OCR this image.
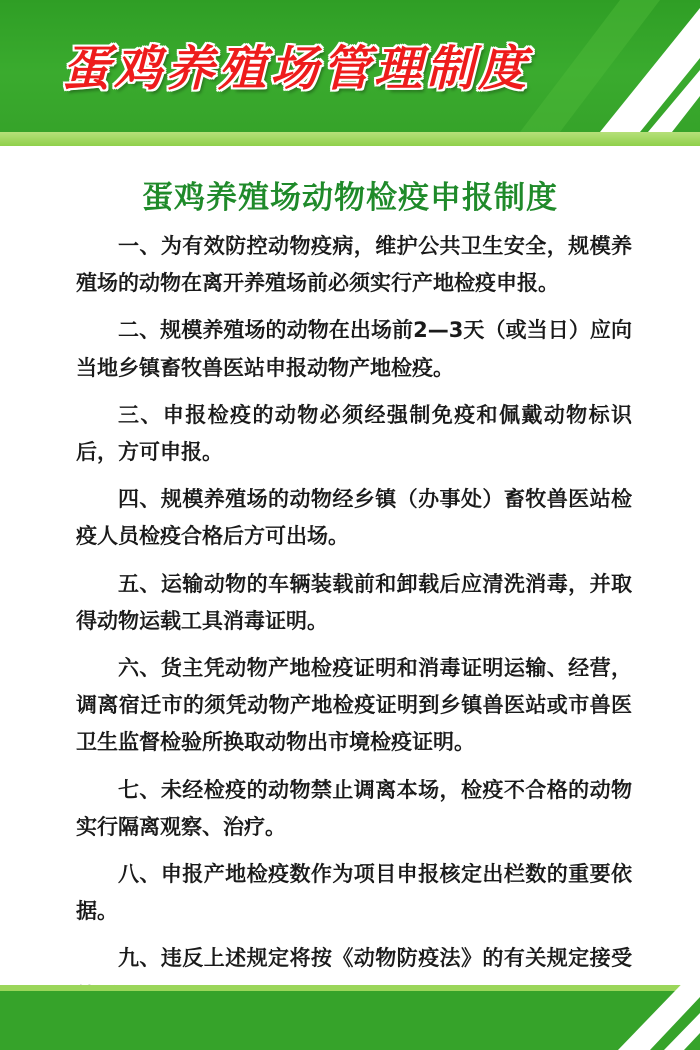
蛋鸡养殖场管理制度
蛋鸡养殖场动物检疫申报制度

一、为有效防控动物疫病，维护公共卫生安全，规模养殖场的动物在离开养殖场前必须实行产地检疫申报。

二、规模养殖场的动物在出场前2—3天（或当日）应向当地乡镇畜牧兽医站申报动物产地检疫。

三、申报检疫的动物必须经强制免疫和佩戴动物标识后，方可申报。

四、规模养殖场的动物经乡镇（办事处）畜牧兽医站检疫人员检疫合格后方可出场。

五、运输动物的车辆装载前和卸载后应清洗消毒，并取得动物运载工具消毒证明。

六、货主凭动物产地检疫证明和消毒证明运输、经营，调离宿迁市的须凭动物产地检疫证明到乡镇兽医站或市兽医卫生监督检验所换取动物出市境检疫证明。

七、未经检疫的动物禁止调离本场，检疫不合格的动物实行隔离观察、治疗。

八、申报产地检疫数作为项目申报核定出栏数的重要依据。

九、违反上述规定将按《动物防疫法》的有关规定接受
